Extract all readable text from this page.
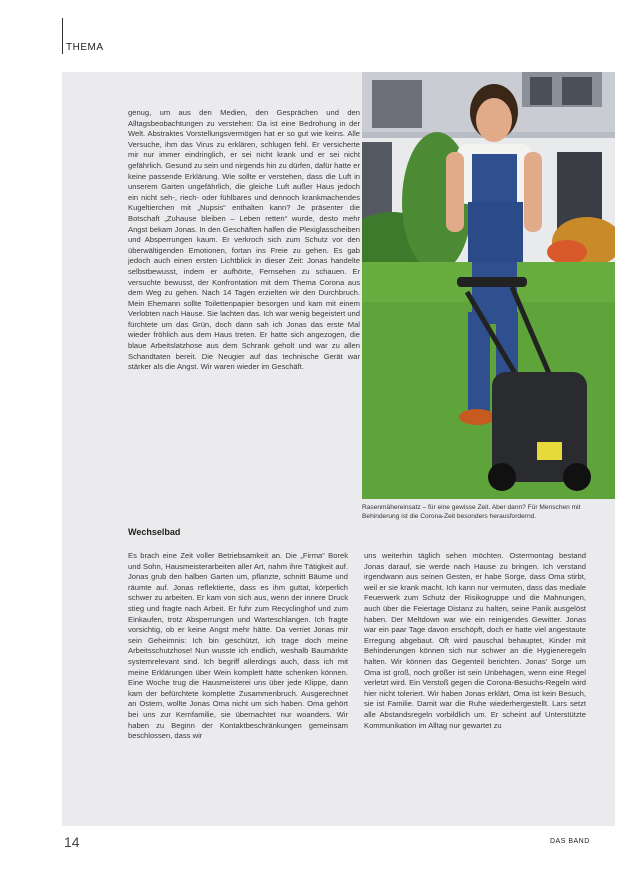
THEMA

genug, um aus den Medien, den Gesprächen und den Alltagsbeobachtungen zu verstehen: Da ist eine Bedrohung in der Welt. Abstraktes Vorstellungsvermögen hat er so gut wie keins. Alle Versuche, ihm das Virus zu erklären, schlugen fehl. Er versicherte mir nur immer eindringlich, er sei nicht krank und er sei nicht gefährlich. Gesund zu sein und nirgends hin zu dürfen, dafür hatte er keine passende Erklärung. Wie sollte er verstehen, dass die Luft in unserem Garten ungefährlich, die gleiche Luft außer Haus jedoch ein nicht seh-, riech- oder fühlbares und dennoch krankmachendes Kugeltierchen mit „Nupsis“ enthalten kann? Je präsenter die Botschaft „Zuhause bleiben – Leben retten“ wurde, desto mehr Angst bekam Jonas. In den Geschäften halfen die Plexiglasscheiben und Absperrungen kaum. Er verkroch sich zum Schutz vor den überwältigenden Emotionen, fortan ins Freie zu gehen. Es gab jedoch auch einen ersten Lichtblick in dieser Zeit: Jonas handelte selbstbewusst, indem er aufhörte, Fernsehen zu schauen. Er versuchte bewusst, der Konfrontation mit dem Thema Corona aus dem Weg zu gehen. Nach 14 Tagen erzielten wir den Durchbruch. Mein Ehemann sollte Toilettenpapier besorgen und kam mit einem Verlobten nach Hause. Sie lachten das. Ich war wenig begeistert und fürchtete um das Grün, doch dann sah ich Jonas das erste Mal wieder fröhlich aus dem Haus treten. Er hatte sich angezogen, die blaue Arbeitslatzhose aus dem Schrank geholt und war zu allen Schandtaten bereit. Die Neugier auf das technische Gerät war stärker als die Angst. Wir waren wieder im Geschäft.

Rasenmähereinsatz – für eine gewisse Zeit. Aber dann? Für Menschen mit Behinderung ist die Corona-Zeit besonders herausfordernd.
Wechselbad

Es brach eine Zeit voller Betriebsamkeit an. Die „Firma“ Borek und Sohn, Hausmeisterarbeiten aller Art, nahm ihre Tätigkeit auf. Jonas grub den halben Garten um, pflanzte, schnitt Bäume und räumte auf. Jonas reflektierte, dass es ihm guttat, körperlich schwer zu arbeiten. Er kam von sich aus, wenn der innere Druck stieg und fragte nach Arbeit. Er fuhr zum Recyclinghof und zum Einkaufen, trotz Absperrungen und Warteschlangen. Ich fragte vorsichtig, ob er keine Angst mehr hätte. Da verriet Jonas mir sein Geheimnis: Ich bin geschützt, ich trage doch meine Arbeitsschutzhose! Nun wusste ich endlich, weshalb Baumärkte systemrelevant sind. Ich begriff allerdings auch, dass ich mit meine Erklärungen über Wein komplett hätte schenken können. Eine Woche trug die Hausmeisterei uns über jede Klippe, dann kam der befürchtete komplette Zusammenbruch. Ausgerechnet an Ostern, wollte Jonas Oma nicht um sich haben. Oma gehört bei uns zur Kernfamilie, sie übernachtet nur woanders. Wir haben zu Beginn der Kontaktbeschränkungen gemeinsam beschlossen, dass wir

uns weiterhin täglich sehen möchten. Ostermontag bestand Jonas darauf, sie werde nach Hause zu bringen. Ich verstand irgendwann aus seinen Gesten, er habe Sorge, dass Oma stirbt, weil er sie krank macht. Ich kann nur vermuten, dass das mediale Feuerwerk zum Schutz der Risikogruppe und die Mahnungen, auch über die Feiertage Distanz zu halten, seine Panik ausgelöst haben. Der Meltdown war wie ein reinigendes Gewitter. Jonas war ein paar Tage davon erschöpft, doch er hatte viel angestaute Erregung abgebaut. Oft wird pauschal behauptet, Kinder mit Behinderungen können sich nur schwer an die Hygieneregeln halten. Wir können das Gegenteil berichten. Jonas' Sorge um Oma ist groß, noch größer ist sein Unbehagen, wenn eine Regel verletzt wird. Ein Verstoß gegen die Corona-Besuchs-Regeln wird hier nicht toleriert. Wir haben Jonas erklärt, Oma ist kein Besuch, sie ist Familie. Damit war die Ruhe wiederhergestellt. Lars setzt alle Abstandsregeln vorbildlich um. Er scheint auf Unterstützte Kommunikation im Alltag nur gewartet zu

14	DAS BAND
